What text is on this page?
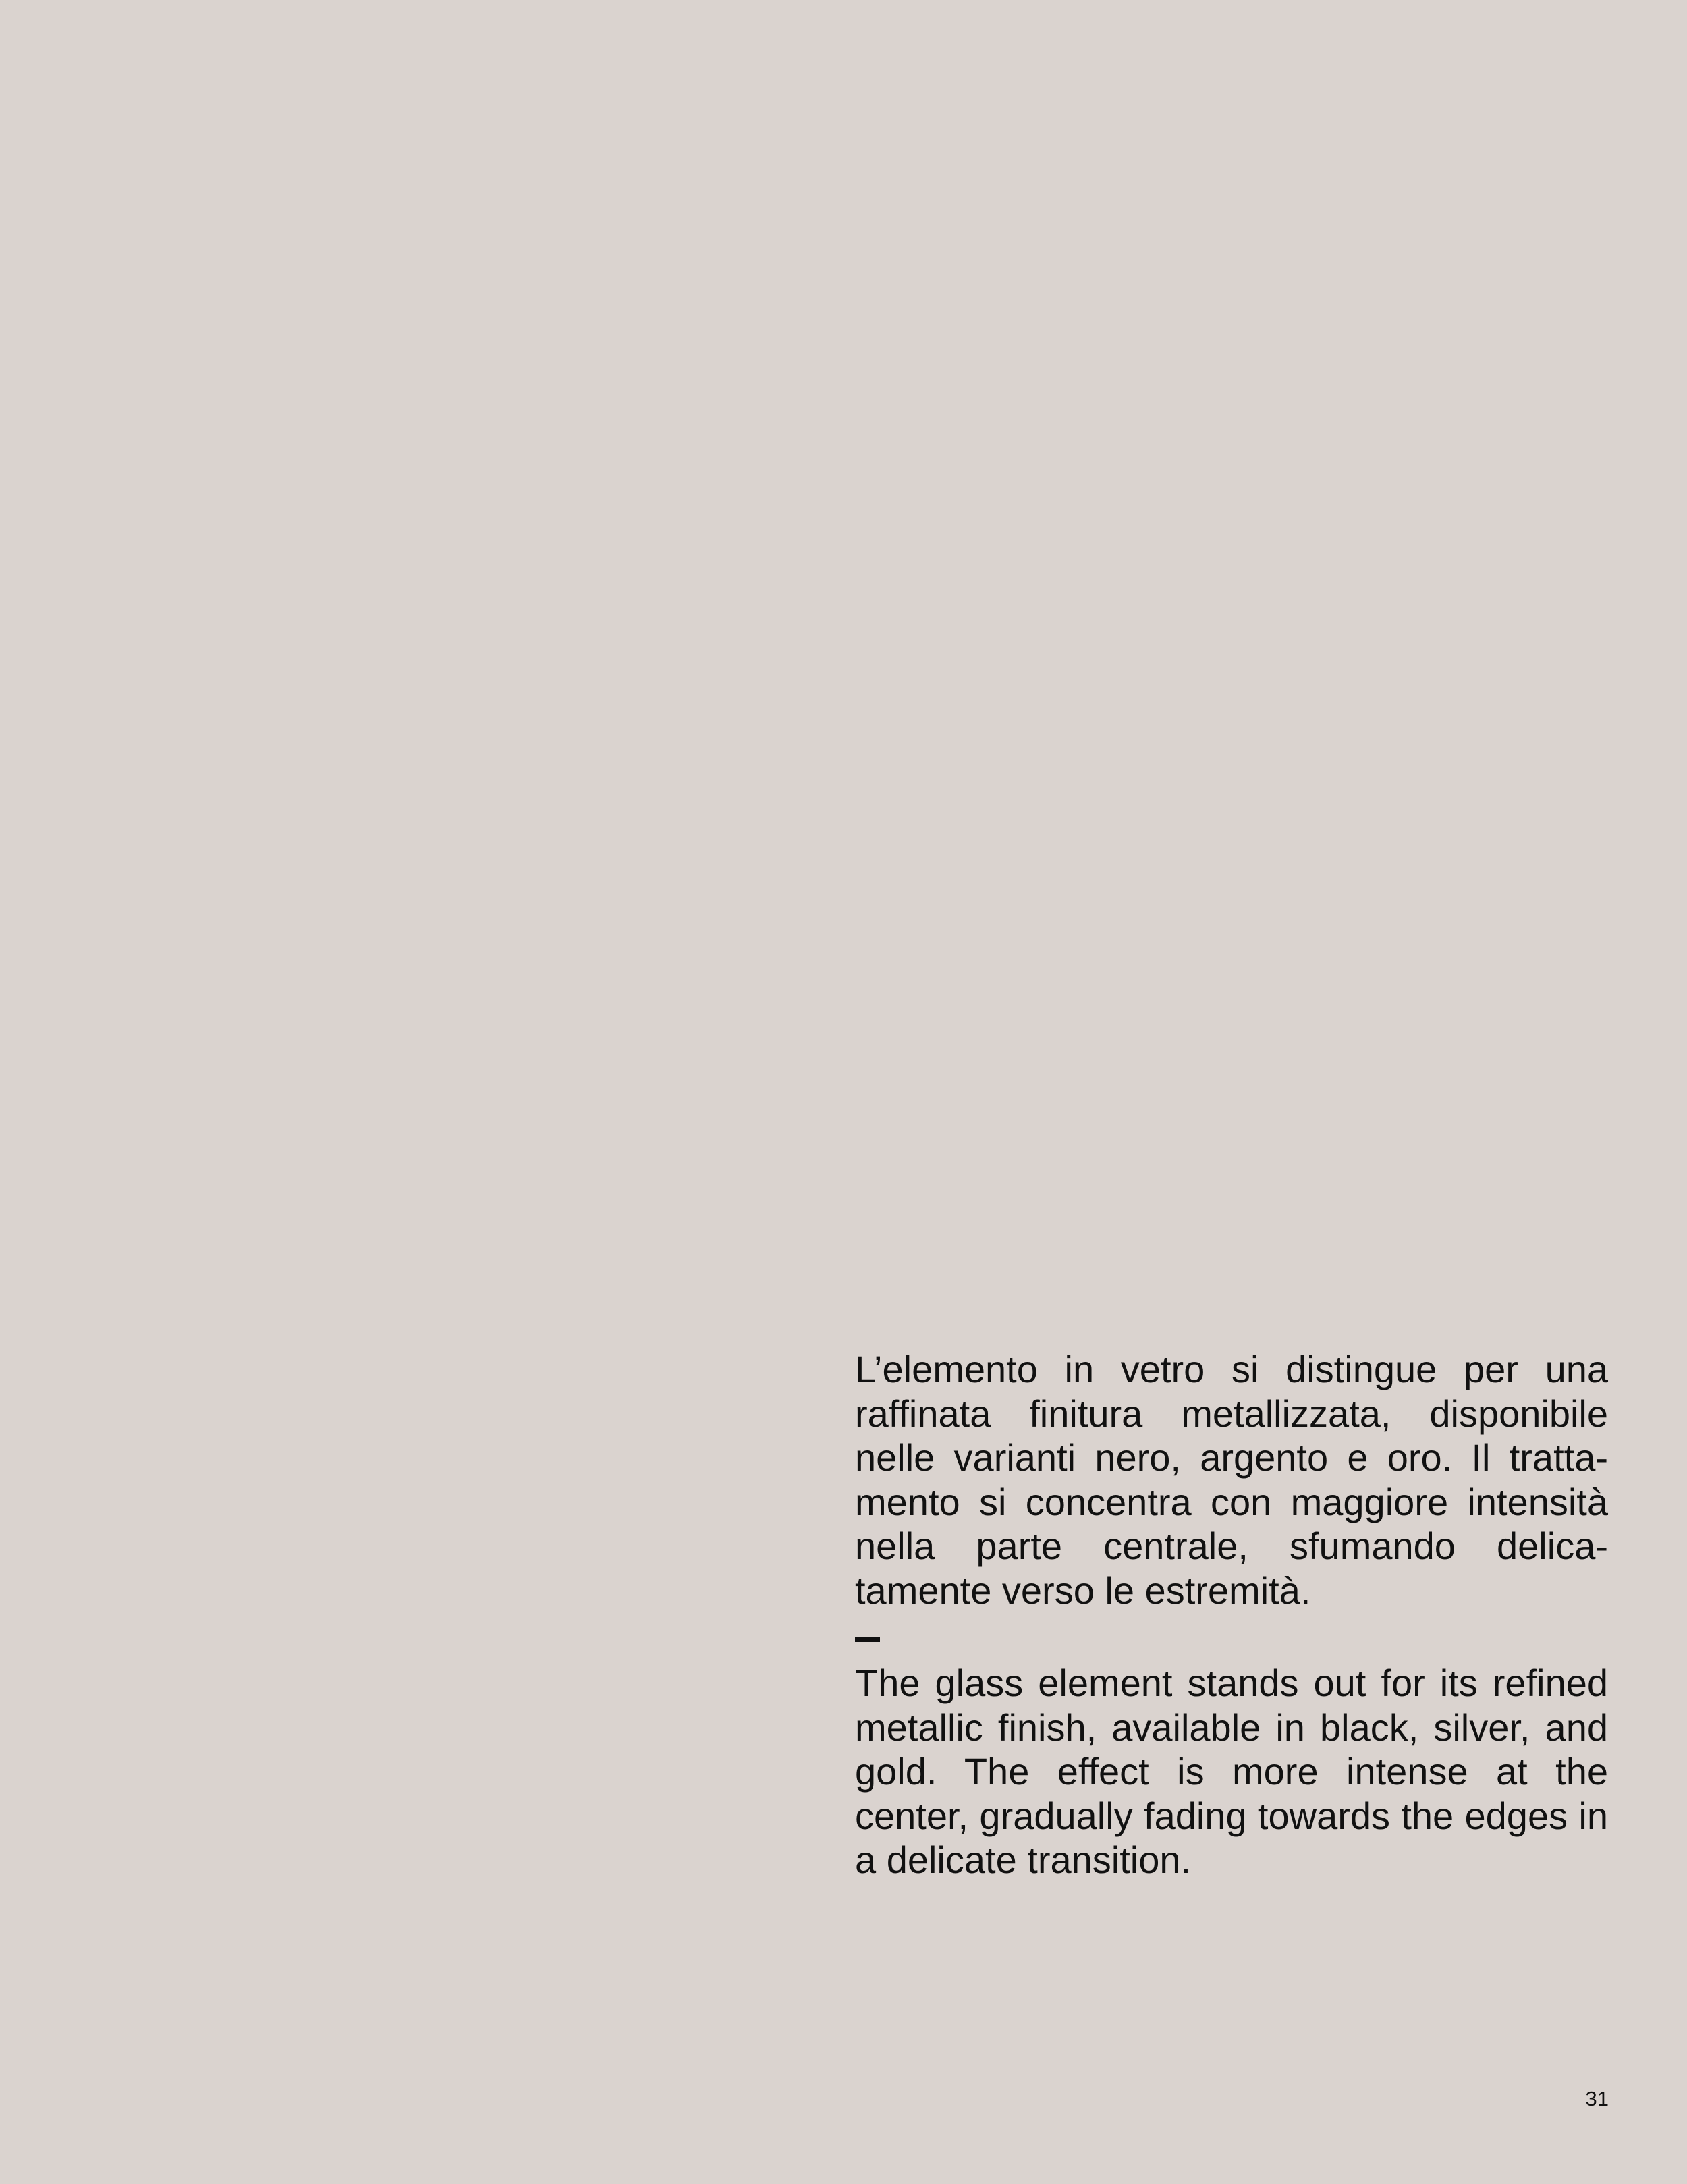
L’elemento in vetro si distingue per una raffinata finitura metallizzata, disponibile nelle varianti nero, argento e oro. Il trattamento si concentra con maggiore intensità nella parte centrale, sfumando delicatamente verso le estremità.

The glass element stands out for its refined metallic finish, available in black, silver, and gold. The effect is more intense at the center, gradually fading towards the edges in a delicate transition.

31
